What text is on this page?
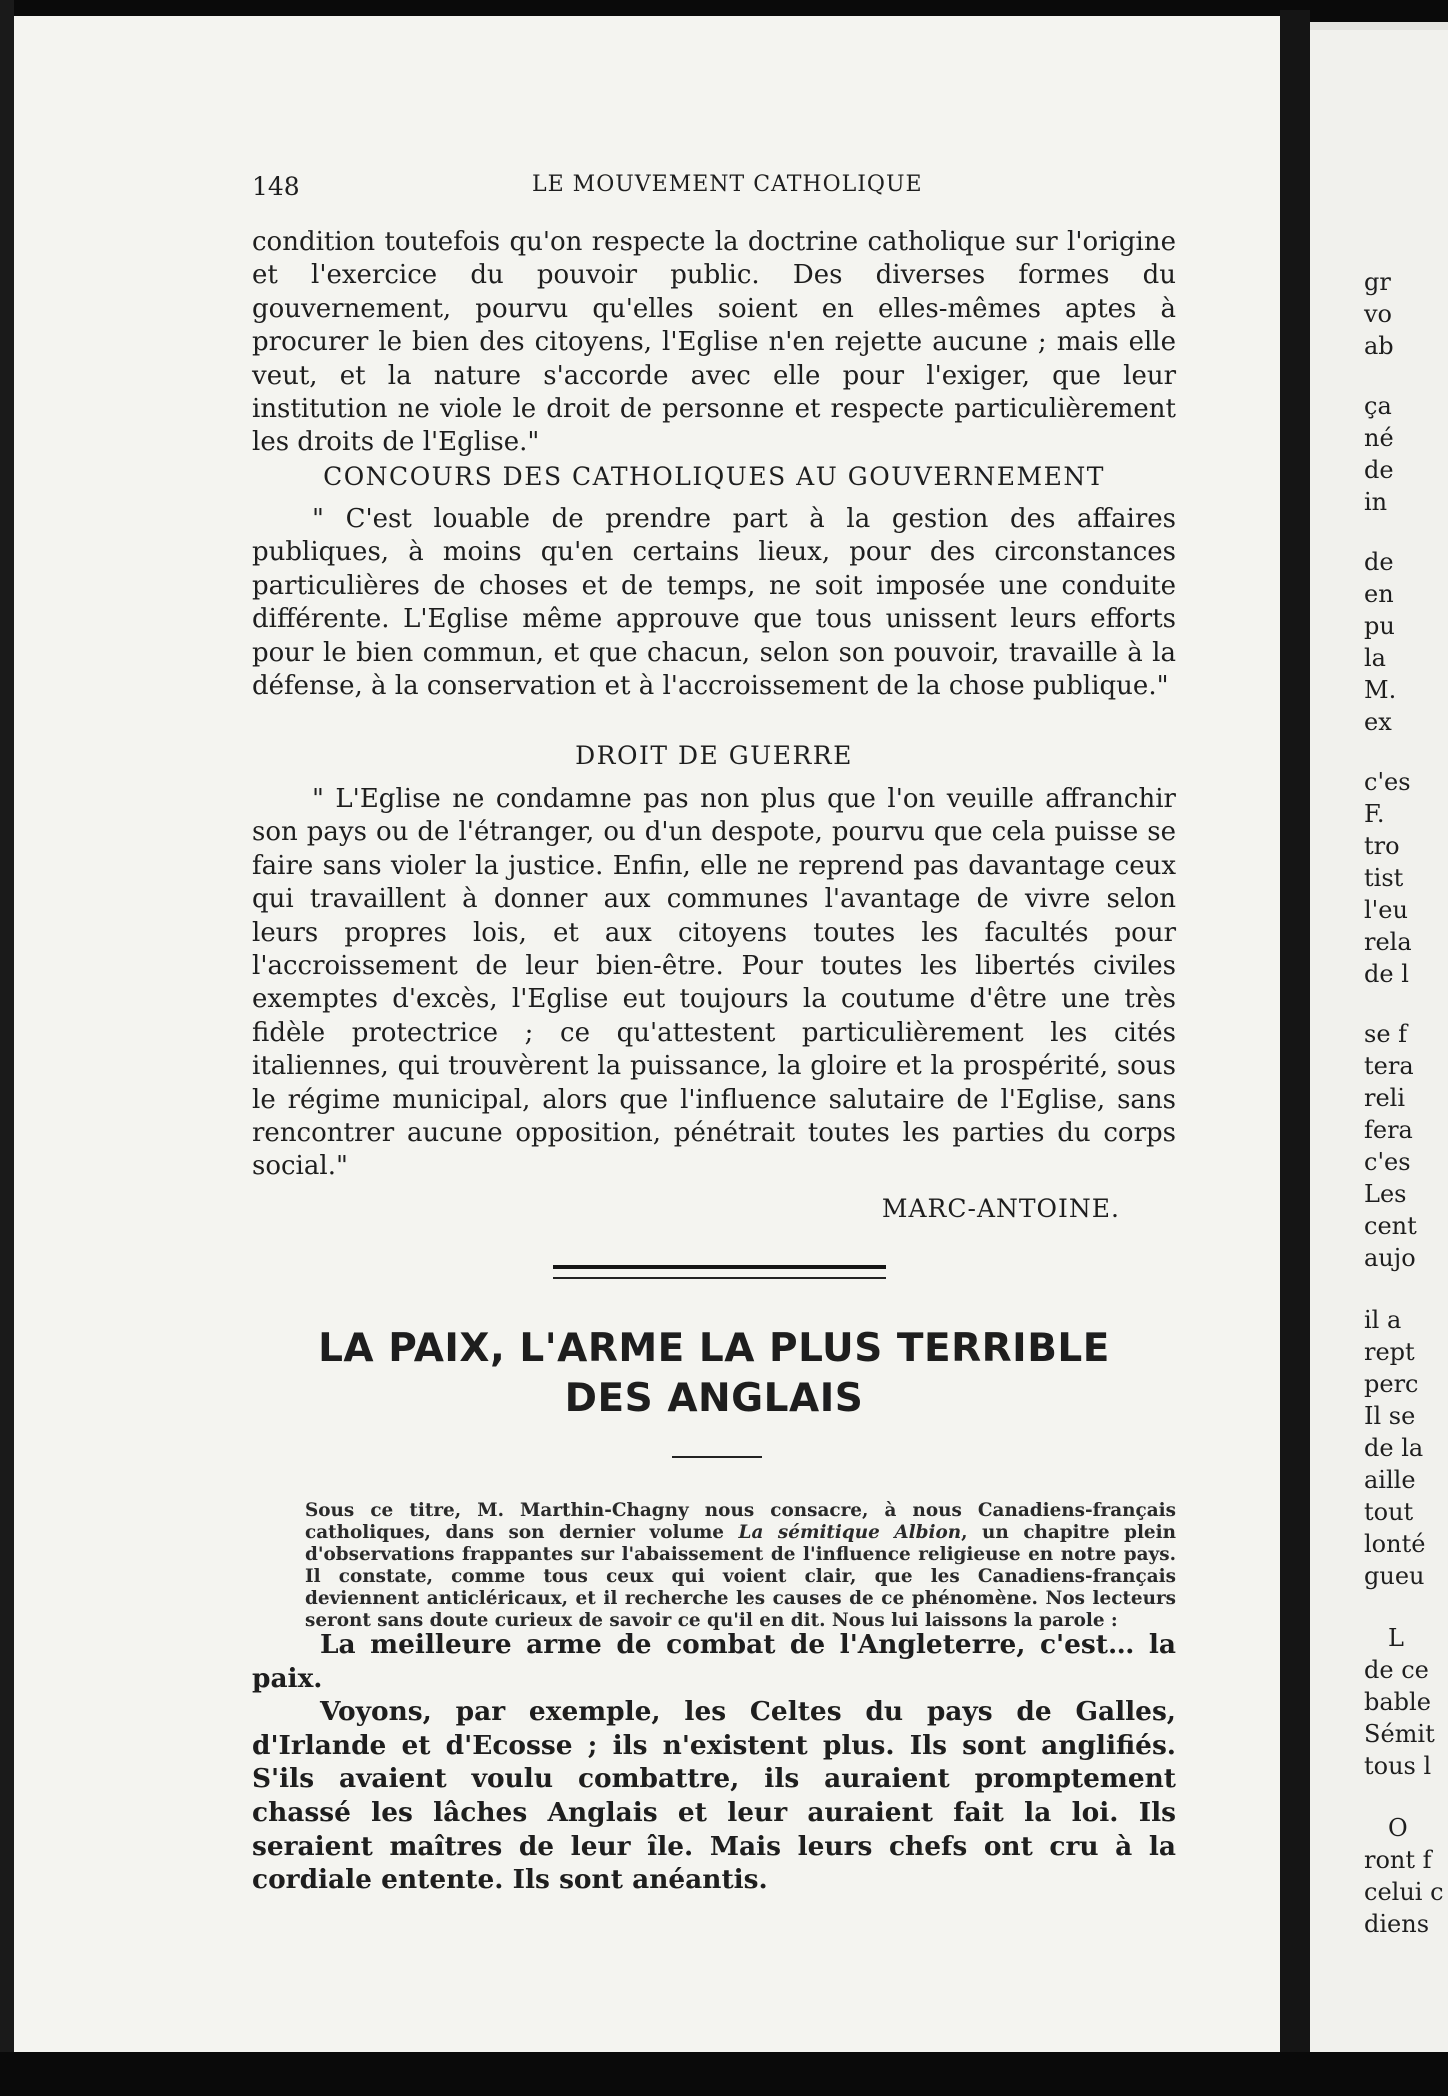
148	LE MOUVEMENT CATHOLIQUE

condition toutefois qu'on respecte la doctrine catholique sur l'origine et l'exercice du pouvoir public. Des diverses formes du gouvernement, pourvu qu'elles soient en elles-mêmes aptes à procurer le bien des citoyens, l'Eglise n'en rejette aucune ; mais elle veut, et la nature s'accorde avec elle pour l'exiger, que leur institution ne viole le droit de personne et respecte particulièrement les droits de l'Eglise."

CONCOURS DES CATHOLIQUES AU GOUVERNEMENT

" C'est louable de prendre part à la gestion des affaires publiques, à moins qu'en certains lieux, pour des circonstances particulières de choses et de temps, ne soit imposée une conduite différente. L'Eglise même approuve que tous unissent leurs efforts pour le bien commun, et que chacun, selon son pouvoir, travaille à la défense, à la conservation et à l'accroissement de la chose publique."

DROIT DE GUERRE

" L'Eglise ne condamne pas non plus que l'on veuille affranchir son pays ou de l'étranger, ou d'un despote, pourvu que cela puisse se faire sans violer la justice. Enfin, elle ne reprend pas davantage ceux qui travaillent à donner aux communes l'avantage de vivre selon leurs propres lois, et aux citoyens toutes les facultés pour l'accroissement de leur bien-être. Pour toutes les libertés civiles exemptes d'excès, l'Eglise eut toujours la coutume d'être une très fidèle protectrice ; ce qu'attestent particulièrement les cités italiennes, qui trouvèrent la puissance, la gloire et la prospérité, sous le régime municipal, alors que l'influence salutaire de l'Eglise, sans rencontrer aucune opposition, pénétrait toutes les parties du corps social."

MARC-ANTOINE.
LA PAIX, L'ARME LA PLUS TERRIBLE
DES ANGLAIS

Sous ce titre, M. Marthin-Chagny nous consacre, à nous Canadiens-français catholiques, dans son dernier volume La sémitique Albion, un chapitre plein d'observations frappantes sur l'abaissement de l'influence religieuse en notre pays. Il constate, comme tous ceux qui voient clair, que les Canadiens-français deviennent anticléricaux, et il recherche les causes de ce phénomène. Nos lecteurs seront sans doute curieux de savoir ce qu'il en dit. Nous lui laissons la parole :

La meilleure arme de combat de l'Angleterre, c'est… la paix.

Voyons, par exemple, les Celtes du pays de Galles, d'Irlande et d'Ecosse ; ils n'existent plus. Ils sont anglifiés. S'ils avaient voulu combattre, ils auraient promptement chassé les lâches Anglais et leur auraient fait la loi. Ils seraient maîtres de leur île. Mais leurs chefs ont cru à la cordiale entente. Ils sont anéantis.

gr
vo
ab
ça
né
de
in
de
en
pu
la
M.
ex
c'es
F.
tro
tist
l'eu
rela
de l
se f
tera
reli
fera
c'es
Les
cent
aujo
il a
rept
perc
Il se
de la
aille
tout
lonté
gueu
L
de ce
bable
Sémit
tous l
O
ront f
celui c
diens
